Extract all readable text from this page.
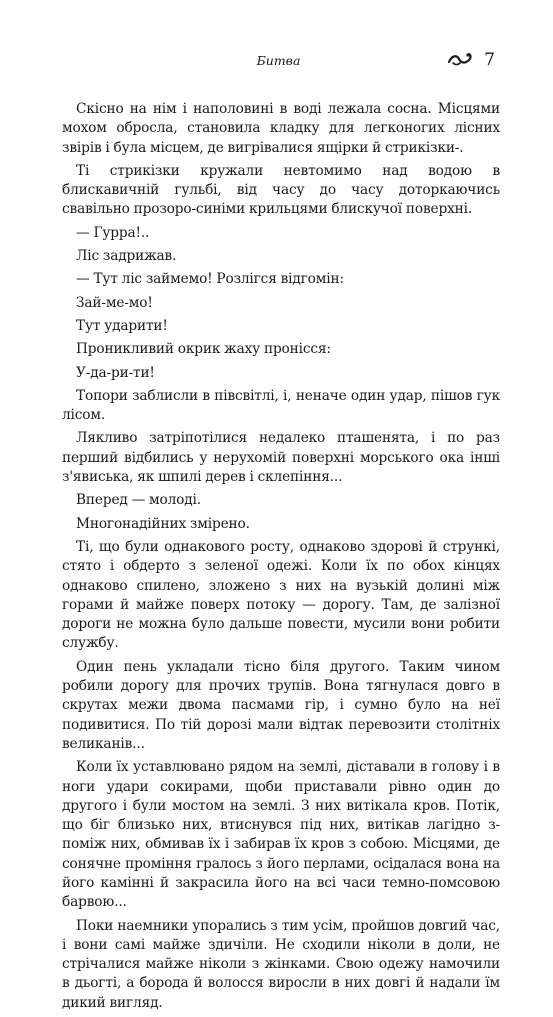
Битва	7

Скісно на нім і наполовині в воді лежала сосна. Місцями мохом обросла, становила кладку для легконогих лісних звірів і була місцем, де вигрівалися ящірки й стрикізки-.

Ті стрикізки кружали невтомимо над водою в блискавичній гульбі, від часу до часу доторкаючись свавільно прозоро-синіми крильцями блискучої поверхні.

— Гурра!..

Ліс задрижав.

— Тут ліс займемо! Розлігся відгомін:

Зай-ме-мо!

Тут ударити!

Проникливий окрик жаху пронісся:

У-да-ри-ти!

Топори заблисли в півсвітлі, і, неначе один удар, пішов гук лісом.

Лякливо затріпотілися недалеко пташенята, і по раз перший відбились у нерухомій поверхні морського ока інші з'явиська, як шпилі дерев і склепіння...

Вперед — молоді.

Многонадійних змірено.

Ті, що були однакового росту, однаково здорові й стрункі, стято і обдерто з зеленої одежі. Коли їх по обох кінцях однаково спилено, зложено з них на вузькій долині між горами й майже поверх потоку — дорогу. Там, де залізної дороги не можна було дальше повести, мусили вони робити службу.

Один пень укладали тісно біля другого. Таким чином робили дорогу для прочих трупів. Вона тягнулася довго в скрутах межи двома пасмами гір, і сумно було на неї подивитися. По тій дорозі мали відтак перевозити столітніх великанів...

Коли їх уставлювано рядом на землі, діставали в голову і в ноги удари сокирами, щоби приставали рівно один до другого і були мостом на землі. З них витікала кров. Потік, що біг близько них, втиснувся під них, витікав лагідно з-поміж них, обмивав їх і забирав їх кров з собою. Місцями, де сонячне проміння гралось з його перлами, осідалася вона на його камінні й закрасила його на всі часи темно-помсовою барвою...

Поки наемники упорались з тим усім, пройшов довгий час, і вони самі майже здичіли. Не сходили ніколи в доли, не стрічалися майже ніколи з жінками. Свою одежу намочили в дьогті, а борода й волосся виросли в них довгі й надали їм дикий вигляд.
